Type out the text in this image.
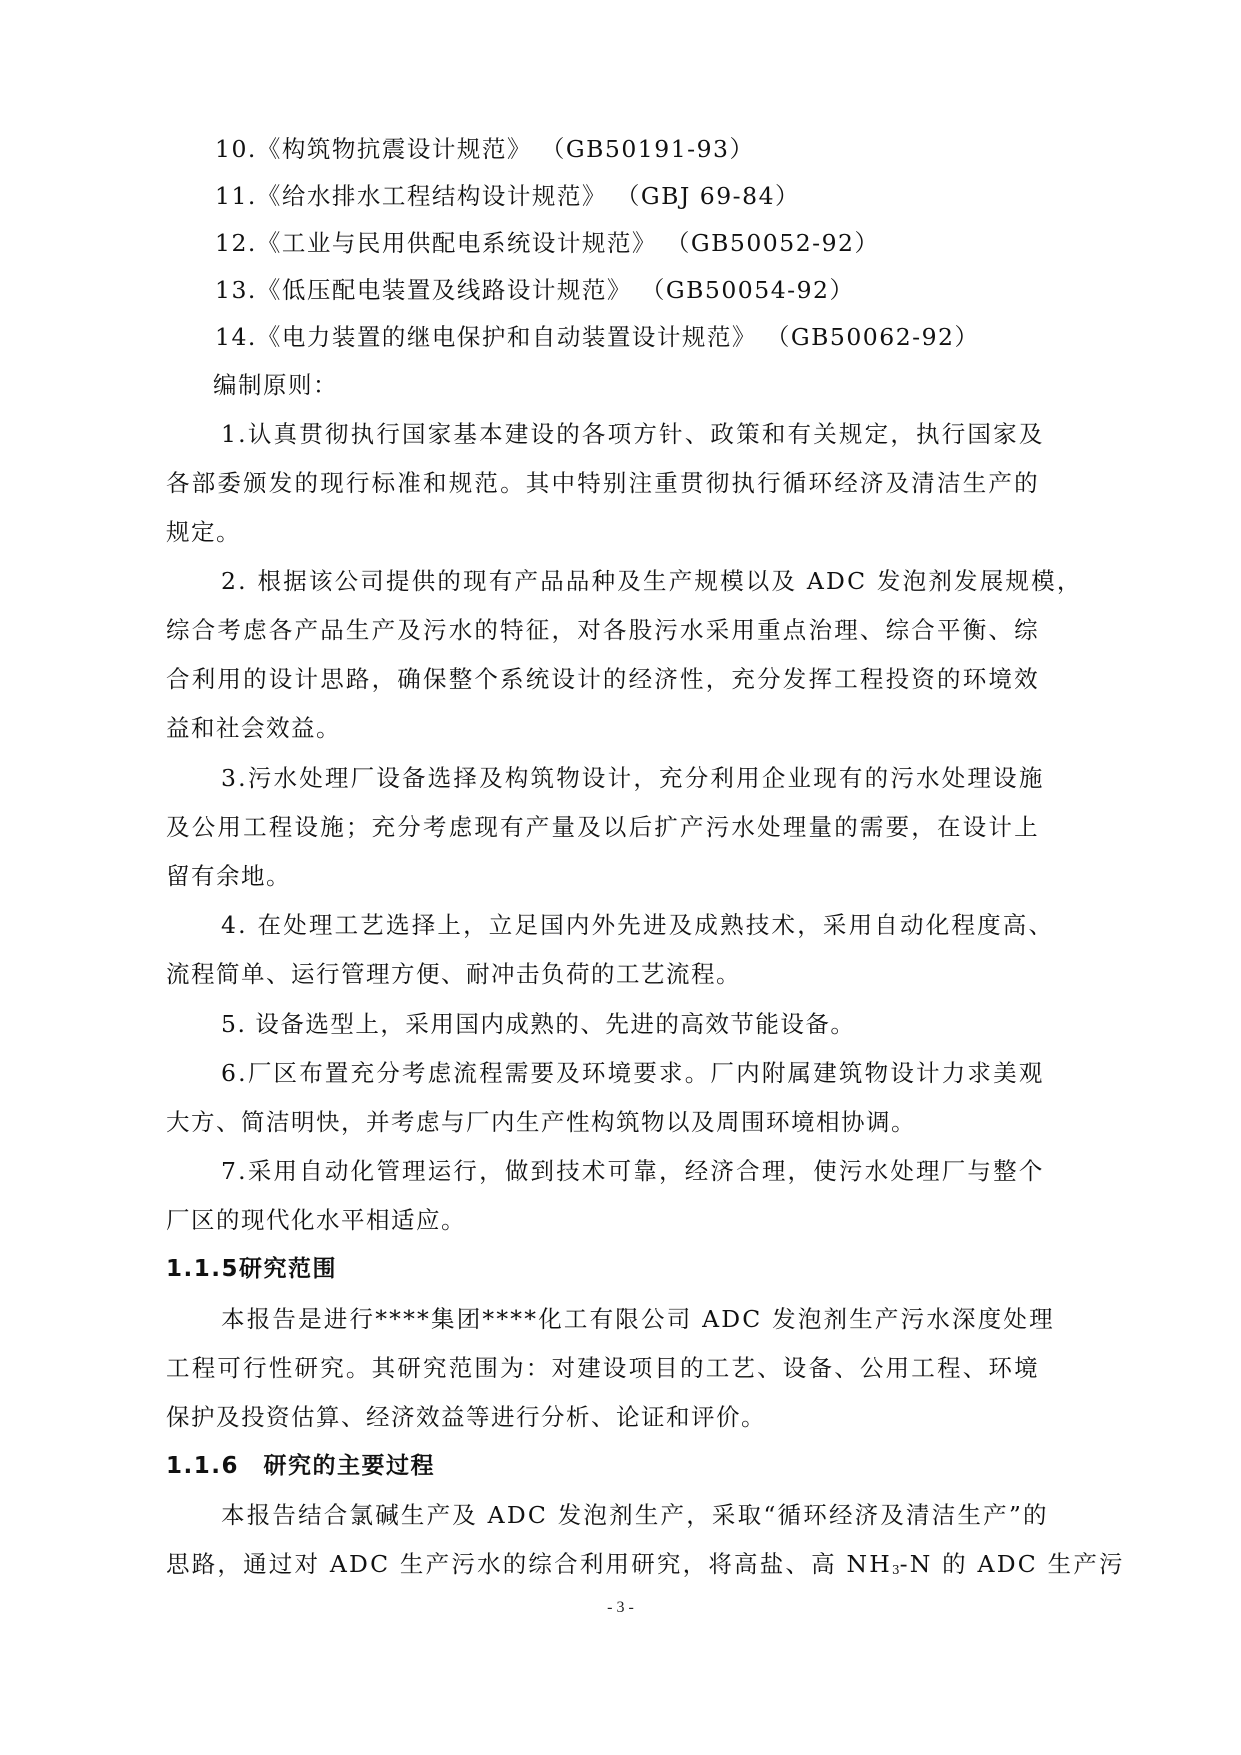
10.《构筑物抗震设计规范》 （GB50191-93）
11.《给水排水工程结构设计规范》 （GBJ 69-84）
12.《工业与民用供配电系统设计规范》 （GB50052-92）
13.《低压配电装置及线路设计规范》 （GB50054-92）
14.《电力装置的继电保护和自动装置设计规范》 （GB50062-92）
编制原则：
1.认真贯彻执行国家基本建设的各项方针、政策和有关规定，执行国家及
各部委颁发的现行标准和规范。其中特别注重贯彻执行循环经济及清洁生产的
规定。
2. 根据该公司提供的现有产品品种及生产规模以及 ADC 发泡剂发展规模，
综合考虑各产品生产及污水的特征，对各股污水采用重点治理、综合平衡、综
合利用的设计思路，确保整个系统设计的经济性，充分发挥工程投资的环境效
益和社会效益。
3.污水处理厂设备选择及构筑物设计，充分利用企业现有的污水处理设施
及公用工程设施；充分考虑现有产量及以后扩产污水处理量的需要，在设计上
留有余地。
4. 在处理工艺选择上，立足国内外先进及成熟技术，采用自动化程度高、
流程简单、运行管理方便、耐冲击负荷的工艺流程。
5. 设备选型上，采用国内成熟的、先进的高效节能设备。
6.厂区布置充分考虑流程需要及环境要求。厂内附属建筑物设计力求美观
大方、简洁明快，并考虑与厂内生产性构筑物以及周围环境相协调。
7.采用自动化管理运行，做到技术可靠，经济合理，使污水处理厂与整个
厂区的现代化水平相适应。
1.1.5研究范围
本报告是进行****集团****化工有限公司 ADC 发泡剂生产污水深度处理
工程可行性研究。其研究范围为：对建设项目的工艺、设备、公用工程、环境
保护及投资估算、经济效益等进行分析、论证和评价。
1.1.6　研究的主要过程
本报告结合氯碱生产及 ADC 发泡剂生产，采取“循环经济及清洁生产”的
思路，通过对 ADC 生产污水的综合利用研究，将高盐、高 $NH_3-N$ 的 ADC 生产污
- 3 -
